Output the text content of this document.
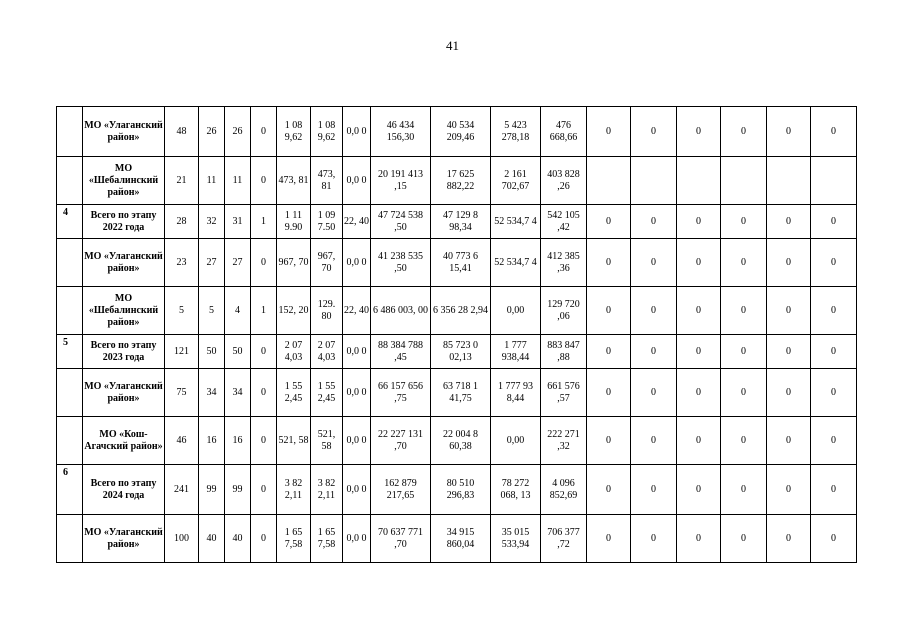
41
	МО «Улаганский район»	48	26	26	0	1 08 9,62	1 08 9,62	0,0 0	46 434 156,30	40 534 209,46	5 423 278,18	476 668,66	0	0	0	0	0	0
	МО «Шебалинский район»	21	11	11	0	473, 81	473, 81	0,0 0	20 191 413 ,15	17 625 882,22	2 161 702,67	403 828 ,26						
4	Всего по этапу 2022 года	28	32	31	1	1 11 9.90	1 09 7.50	22, 40	47 724 538 ,50	47 129 8 98,34	52 534,7 4	542 105 ,42	0	0	0	0	0	0
	МО «Улаганский район»	23	27	27	0	967, 70	967, 70	0,0 0	41 238 535 ,50	40 773 6 15,41	52 534,7 4	412 385 ,36	0	0	0	0	0	0
	МО «Шебалинский район»	5	5	4	1	152, 20	129. 80	22, 40	6 486 003, 00	6 356 28 2,94	0,00	129 720 ,06	0	0	0	0	0	0
5	Всего по этапу 2023 года	121	50	50	0	2 07 4,03	2 07 4,03	0,0 0	88 384 788 ,45	85 723 0 02,13	1 777 938,44	883 847 ,88	0	0	0	0	0	0
	МО «Улаганский район»	75	34	34	0	1 55 2,45	1 55 2,45	0,0 0	66 157 656 ,75	63 718 1 41,75	1 777 93 8,44	661 576 ,57	0	0	0	0	0	0
	МО «Кош-Агачский район»	46	16	16	0	521, 58	521, 58	0,0 0	22 227 131 ,70	22 004 8 60,38	0,00	222 271 ,32	0	0	0	0	0	0
6	Всего по этапу 2024 года	241	99	99	0	3 82 2,11	3 82 2,11	0,0 0	162 879 217,65	80 510 296,83	78 272 068, 13	4 096 852,69	0	0	0	0	0	0
	МО «Улаганский район»	100	40	40	0	1 65 7,58	1 65 7,58	0,0 0	70 637 771 ,70	34 915 860,04	35 015 533,94	706 377 ,72	0	0	0	0	0	0
